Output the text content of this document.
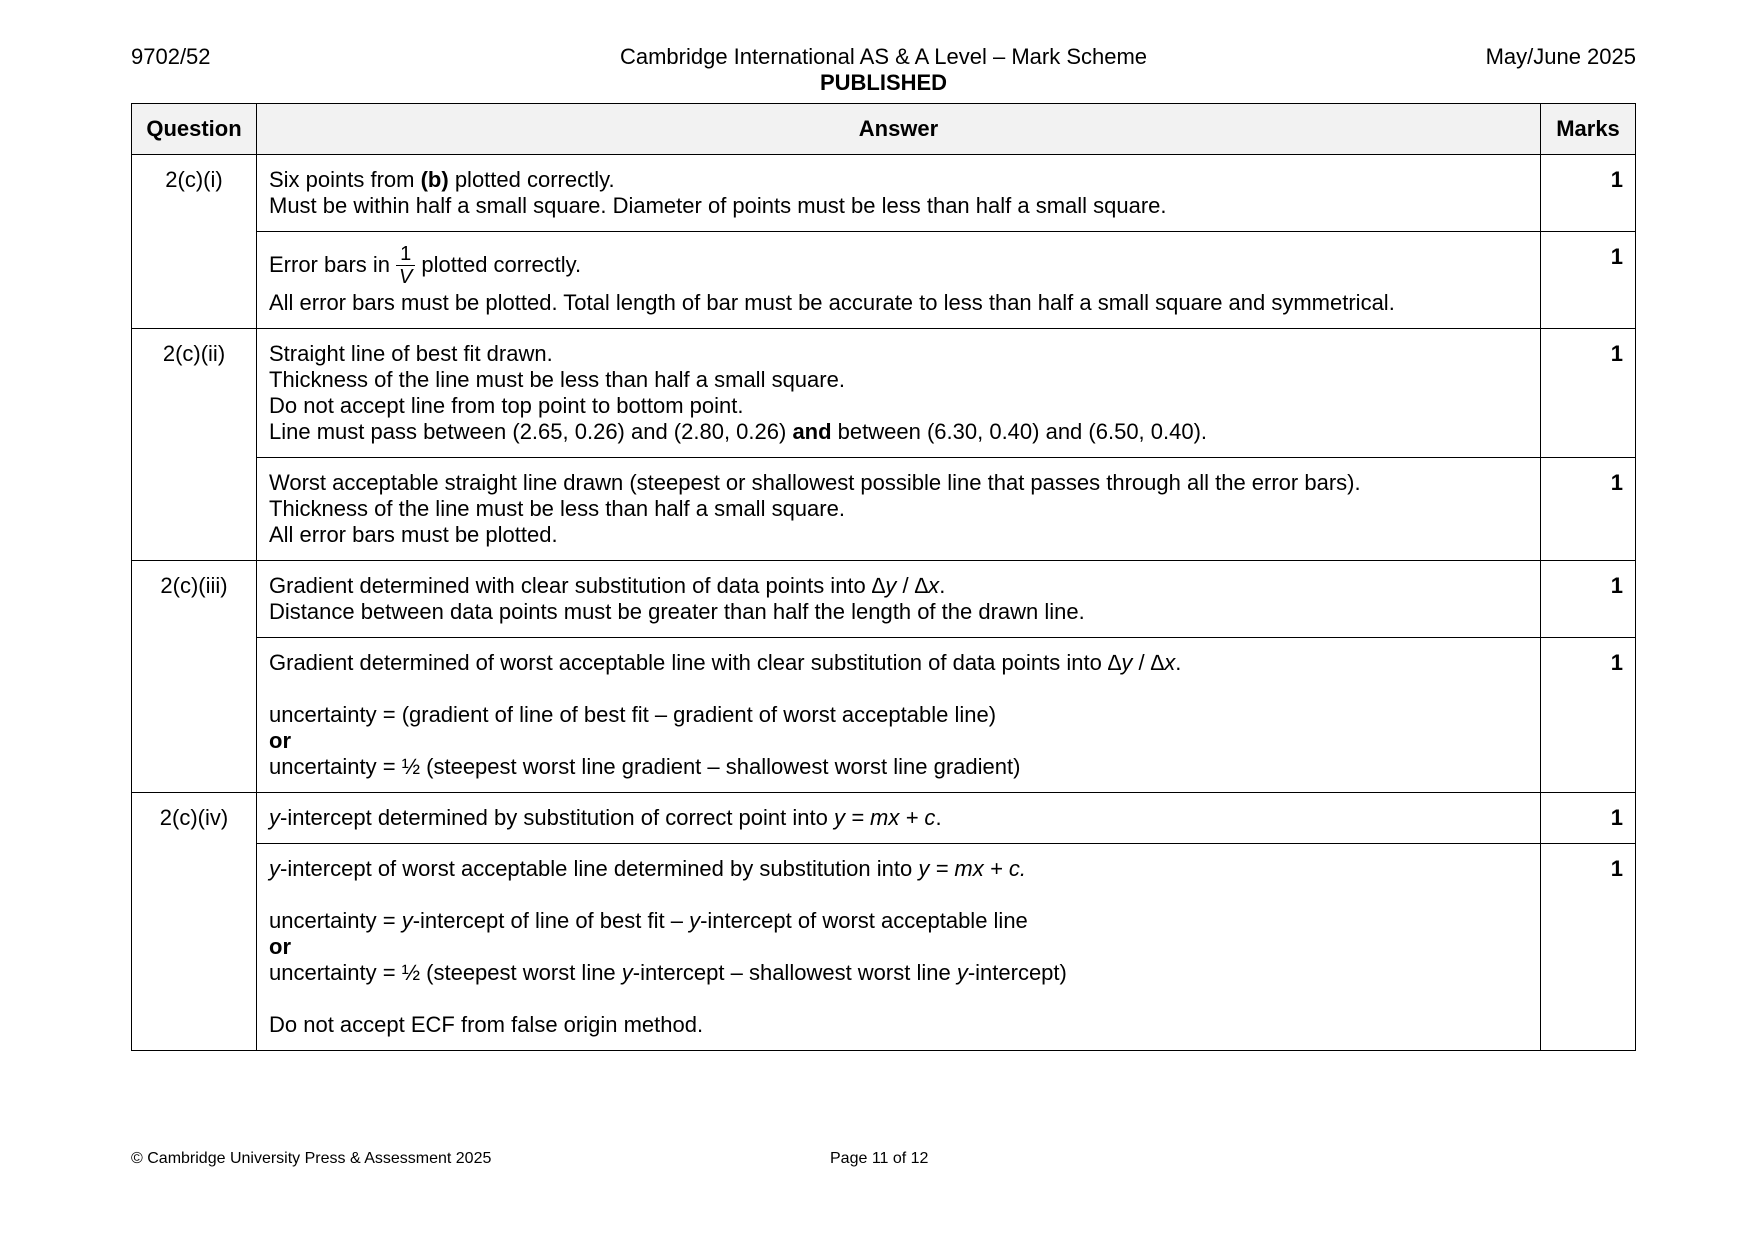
9702/52	Cambridge International AS & A Level – Mark Scheme
PUBLISHED
May/June 2025
Question	Answer	Marks
2(c)(i)	Six points from (b) plotted correctly.
Must be within half a small square. Diameter of points must be less than half a small square.	1

	Error bars in $\frac{1}{V}$ plotted correctly.
All error bars must be plotted. Total length of bar must be accurate to less than half a small square and symmetrical.	1
2(c)(ii)	Straight line of best fit drawn.
Thickness of the line must be less than half a small square.
Do not accept line from top point to bottom point.
Line must pass between (2.65, 0.26) and (2.80, 0.26) and between (6.30, 0.40) and (6.50, 0.40).	1

	Worst acceptable straight line drawn (steepest or shallowest possible line that passes through all the error bars).
Thickness of the line must be less than half a small square.
All error bars must be plotted.	1
2(c)(iii)	Gradient determined with clear substitution of data points into ∆y / ∆x.
Distance between data points must be greater than half the length of the drawn line.	1

	Gradient determined of worst acceptable line with clear substitution of data points into ∆y / ∆x.
uncertainty = (gradient of line of best fit – gradient of worst acceptable line)
or
uncertainty = ½ (steepest worst line gradient – shallowest worst line gradient)	1
2(c)(iv)	y-intercept determined by substitution of correct point into y = mx + c.	1

	y-intercept of worst acceptable line determined by substitution into y = mx + c.
uncertainty = y-intercept of line of best fit – y-intercept of worst acceptable line
or
uncertainty = ½ (steepest worst line y-intercept – shallowest worst line y-intercept)
Do not accept ECF from false origin method.	1
© Cambridge University Press & Assessment 2025	Page 11 of 12
